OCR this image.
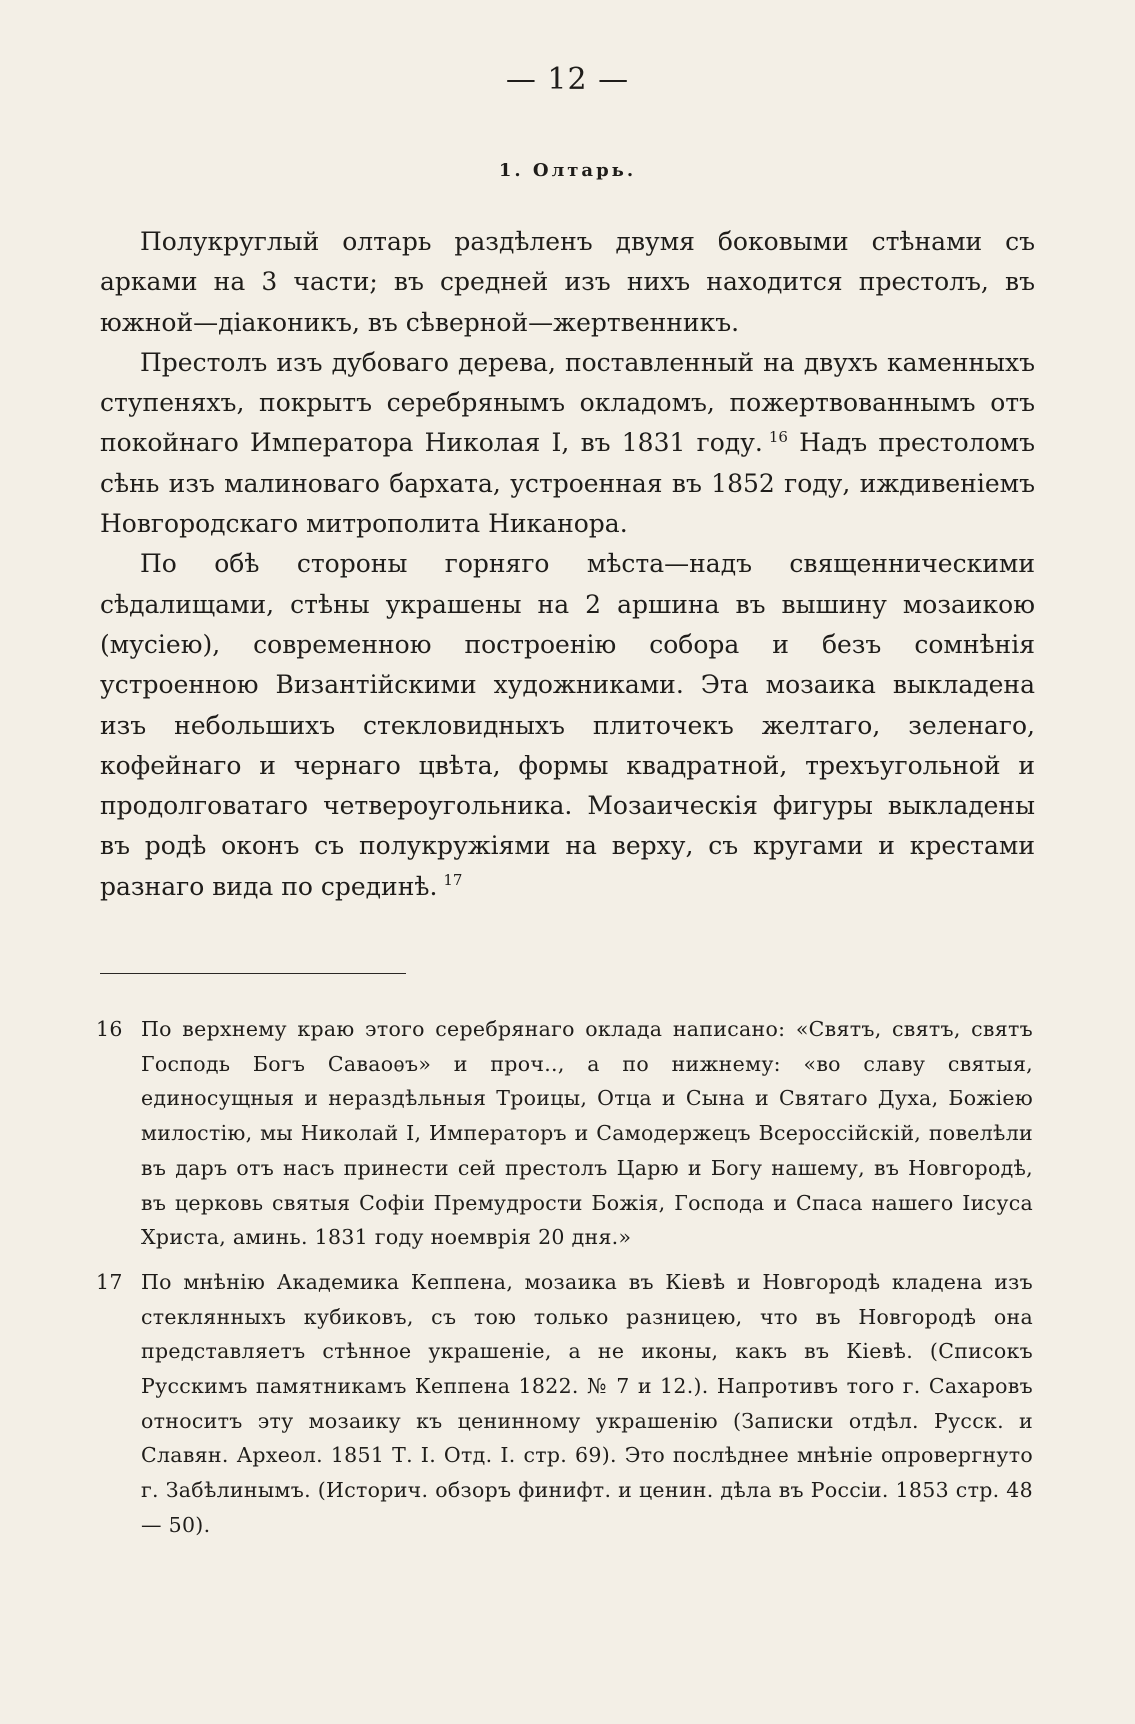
— 12 —
1. Олтарь.

Полукруглый олтарь раздѣленъ двумя боковыми стѣнами съ арками на 3 части; въ средней изъ нихъ находится престолъ, въ южной—діаконикъ, въ сѣверной—жертвенникъ.

Престолъ изъ дубоваго дерева, поставленный на двухъ каменныхъ ступеняхъ, покрытъ серебрянымъ окладомъ, пожертвованнымъ отъ покойнаго Императора Николая I, въ 1831 году. $^{16}$ Надъ престоломъ сѣнь изъ малиноваго бархата, устроенная въ 1852 году, иждивеніемъ Новгородскаго митрополита Никанора.

По обѣ стороны горняго мѣста—надъ священническими сѣдалищами, стѣны украшены на 2 аршина въ вышину мозаикою (мусіею), современною построенію собора и безъ сомнѣнія устроенною Византійскими художниками. Эта мозаика выкладена изъ небольшихъ стекловидныхъ плиточекъ желтаго, зеленаго, кофейнаго и чернаго цвѣта, формы квадратной, трехъугольной и продолговатаго четвероугольника. Мозаическія фигуры выкладены въ родѣ оконъ съ полукружіями на верху, съ кругами и крестами разнаго вида по срединѣ. $^{17}$

16 По верхнему краю этого серебрянаго оклада написано: «Святъ, святъ, святъ Господь Богъ Саваоѳъ» и проч.., а по нижнему: «во славу святыя, единосущныя и нераздѣльныя Троицы, Отца и Сына и Святаго Духа, Божіею милостію, мы Николай I, Императоръ и Самодержецъ Всероссійскій, повелѣли въ даръ отъ насъ принести сей престолъ Царю и Богу нашему, въ Новгородѣ, въ церковь святыя Софіи Премудрости Божія, Господа и Спаса нашего Іисуса Христа, аминь. 1831 году ноемврія 20 дня.»

17 По мнѣнію Академика Кеппена, мозаика въ Кіевѣ и Новгородѣ кладена изъ стеклянныхъ кубиковъ, съ тою только разницею, что въ Новгородѣ она представляетъ стѣнное украшеніе, а не иконы, какъ въ Кіевѣ. (Списокъ Русскимъ памятникамъ Кеппена 1822. № 7 и 12.). Напротивъ того г. Сахаровъ относитъ эту мозаику къ ценинному украшенію (Записки отдѣл. Русск. и Славян. Археол. 1851 Т. I. Отд. I. стр. 69). Это послѣднее мнѣніе опровергнуто г. Забѣлинымъ. (Историч. обзоръ финифт. и ценин. дѣла въ Россіи. 1853 стр. 48 — 50).
